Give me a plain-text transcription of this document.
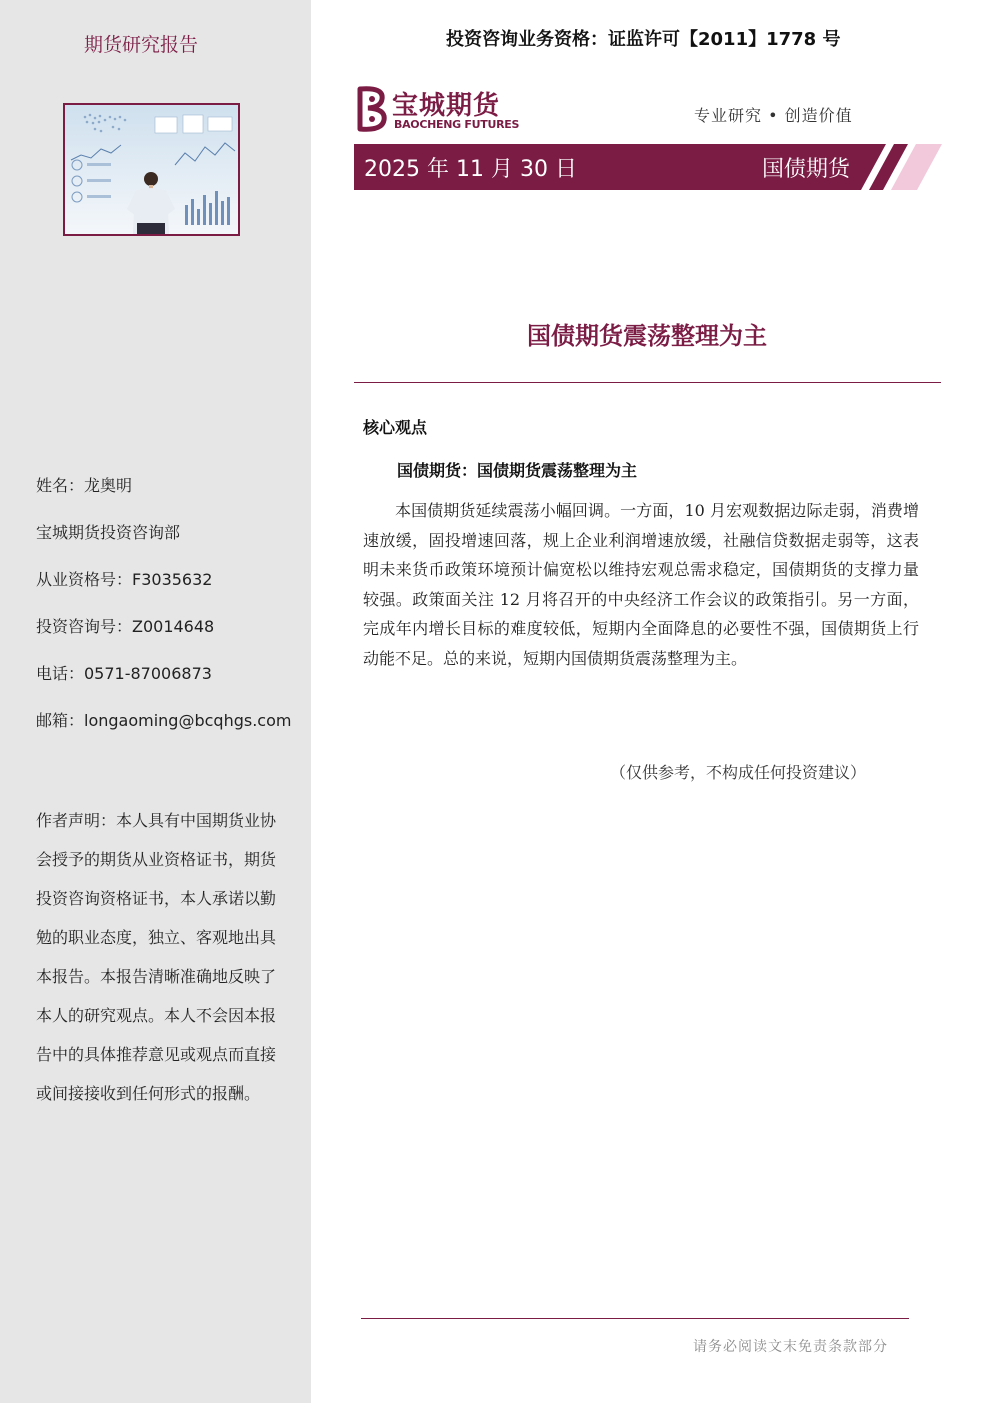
期货研究报告
姓名：龙奥明
宝城期货投资咨询部
从业资格号：F3035632
投资咨询号：Z0014648
电话：0571-87006873
邮箱：longaoming@bcqhgs.com
作者声明：本人具有中国期货业协会授予的期货从业资格证书，期货投资咨询资格证书，本人承诺以勤勉的职业态度，独立、客观地出具本报告。本报告清晰准确地反映了本人的研究观点。本人不会因本报告中的具体推荐意见或观点而直接或间接接收到任何形式的报酬。
投资咨询业务资格：证监许可【2011】1778 号
宝城期货
BAOCHENG FUTURES	专业研究 • 创造价值
2025 年 11 月 30 日	国债期货
国债期货震荡整理为主
核心观点
国债期货：国债期货震荡整理为主
本国债期货延续震荡小幅回调。一方面，10 月宏观数据边际走弱，消费增速放缓，固投增速回落，规上企业利润增速放缓，社融信贷数据走弱等，这表明未来货币政策环境预计偏宽松以维持宏观总需求稳定，国债期货的支撑力量较强。政策面关注 12 月将召开的中央经济工作会议的政策指引。另一方面，完成年内增长目标的难度较低，短期内全面降息的必要性不强，国债期货上行动能不足。总的来说，短期内国债期货震荡整理为主。
（仅供参考，不构成任何投资建议）
请务必阅读文末免责条款部分
